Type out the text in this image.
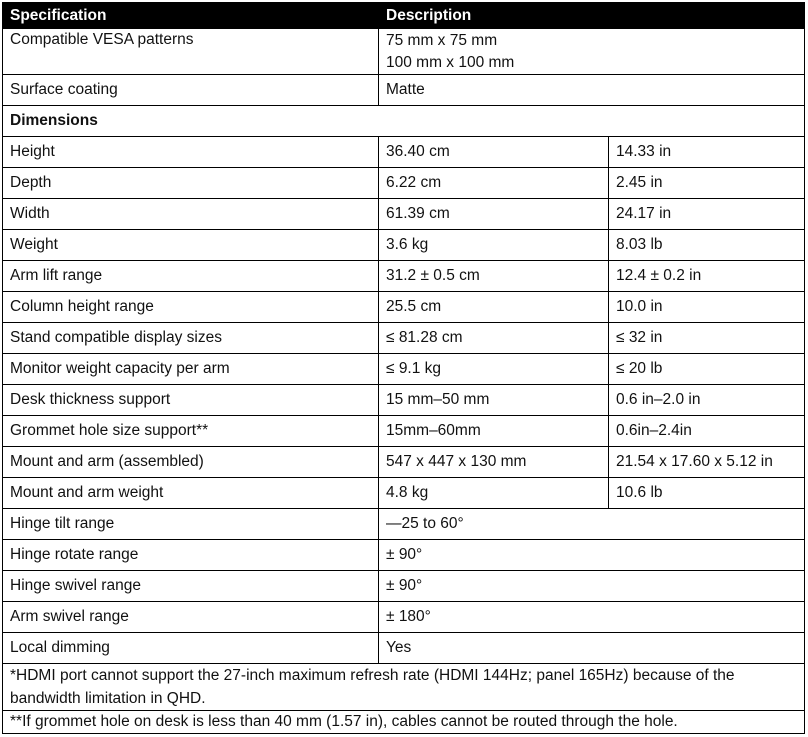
Specification	Description	
Compatible VESA patterns	75 mm x 75 mm
100 mm x 100 mm	

Surface coating	Matte	
Dimensions		
Height	36.40 cm	14.33 in
Depth	6.22 cm	2.45 in
Width	61.39 cm	24.17 in
Weight	3.6 kg	8.03 lb
Arm lift range	31.2 ± 0.5 cm	12.4 ± 0.2 in
Column height range	25.5 cm	10.0 in
Stand compatible display sizes	≤ 81.28 cm	≤ 32 in
Monitor weight capacity per arm	≤ 9.1 kg	≤ 20 lb
Desk thickness support	15 mm–50 mm	0.6 in–2.0 in
Grommet hole size support**	15mm–60mm	0.6in–2.4in
Mount and arm (assembled)	547 x 447 x 130 mm	21.54 x 17.60 x 5.12 in
Mount and arm weight	4.8 kg	10.6 lb
Hinge tilt range	—25 to 60°	
Hinge rotate range	± 90°	
Hinge swivel range	± 90°	
Arm swivel range	± 180°	
Local dimming	Yes	
*HDMI port cannot support the 27-inch maximum refresh rate (HDMI 144Hz; panel 165Hz) because of the bandwidth limitation in QHD.		
**If grommet hole on desk is less than 40 mm (1.57 in), cables cannot be routed through the hole.		
